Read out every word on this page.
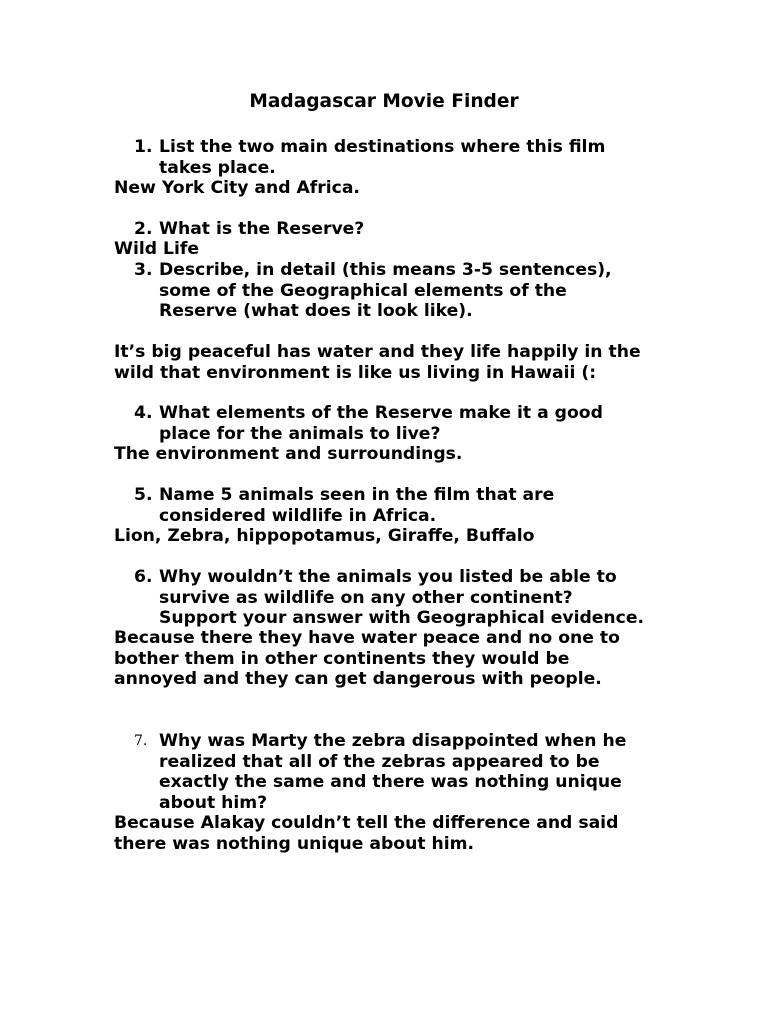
Madagascar Movie Finder
1. List the two main destinations where this film
takes place.
New York City and Africa.
2. What is the Reserve?
Wild Life
3. Describe, in detail (this means 3-5 sentences),
some of the Geographical elements of the
Reserve (what does it look like).
It’s big peaceful has water and they life happily in the
wild that environment is like us living in Hawaii (:
4. What elements of the Reserve make it a good
place for the animals to live?
The environment and surroundings.
5. Name 5 animals seen in the film that are
considered wildlife in Africa.
Lion, Zebra, hippopotamus, Giraffe, Buffalo
6. Why wouldn’t the animals you listed be able to
survive as wildlife on any other continent?
Support your answer with Geographical evidence.
Because there they have water peace and no one to
bother them in other continents they would be
annoyed and they can get dangerous with people.
7. Why was Marty the zebra disappointed when he
realized that all of the zebras appeared to be
exactly the same and there was nothing unique
about him?
Because Alakay couldn’t tell the difference and said
there was nothing unique about him.
